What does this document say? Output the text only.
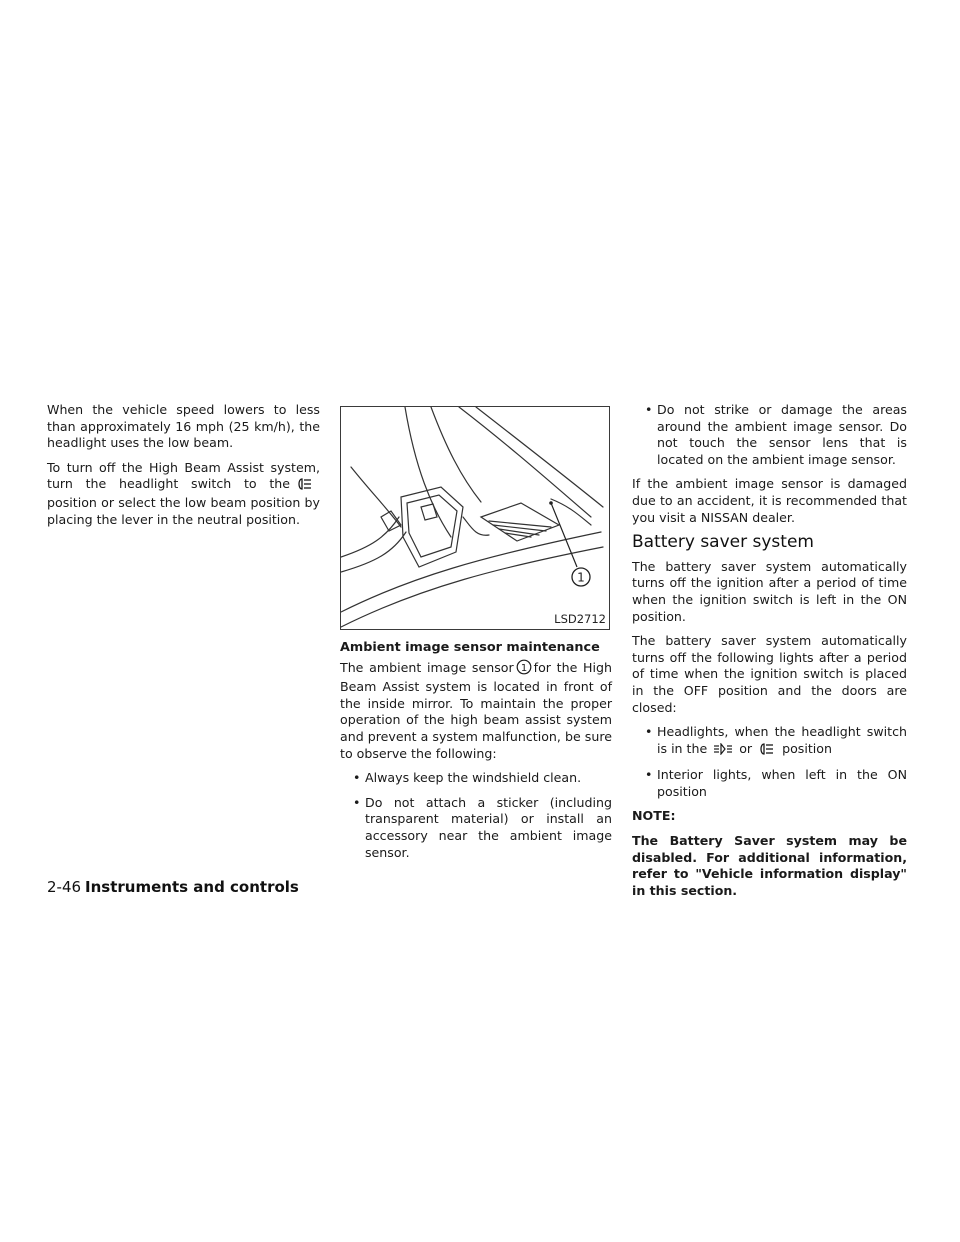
When the vehicle speed lowers to less than approximately 16 mph (25 km/h), the headlight uses the low beam.

To turn off the High Beam Assist system, turn the headlight switch to theposition or select the low beam position by placing the lever in the neutral position.

1
LSD2712
Ambient image sensor maintenance

The ambient image sensor 1 for the High Beam Assist system is located in front of the inside mirror. To maintain the proper operation of the high beam assist system and prevent a system malfunction, be sure to observe the following:

• Always keep the windshield clean.
• Do not attach a sticker (including transparent material) or install an accessory near the ambient image sensor.
• Do not strike or damage the areas around the ambient image sensor. Do not touch the sensor lens that is located on the ambient image sensor.

If the ambient image sensor is damaged due to an accident, it is recommended that you visit a NISSAN dealer.

Battery saver system

The battery saver system automatically turns off the ignition after a period of time when the ignition switch is left in the ON position.

The battery saver system automatically turns off the following lights after a period of time when the ignition switch is placed in the OFF position and the doors are closed:

• Headlights, when the headlight switch is in the	or position
• Interior lights, when left in the ON position

NOTE:

The Battery Saver system may be disabled. For additional information, refer to "Vehicle information display" in this section.

2-46 Instruments and controls
